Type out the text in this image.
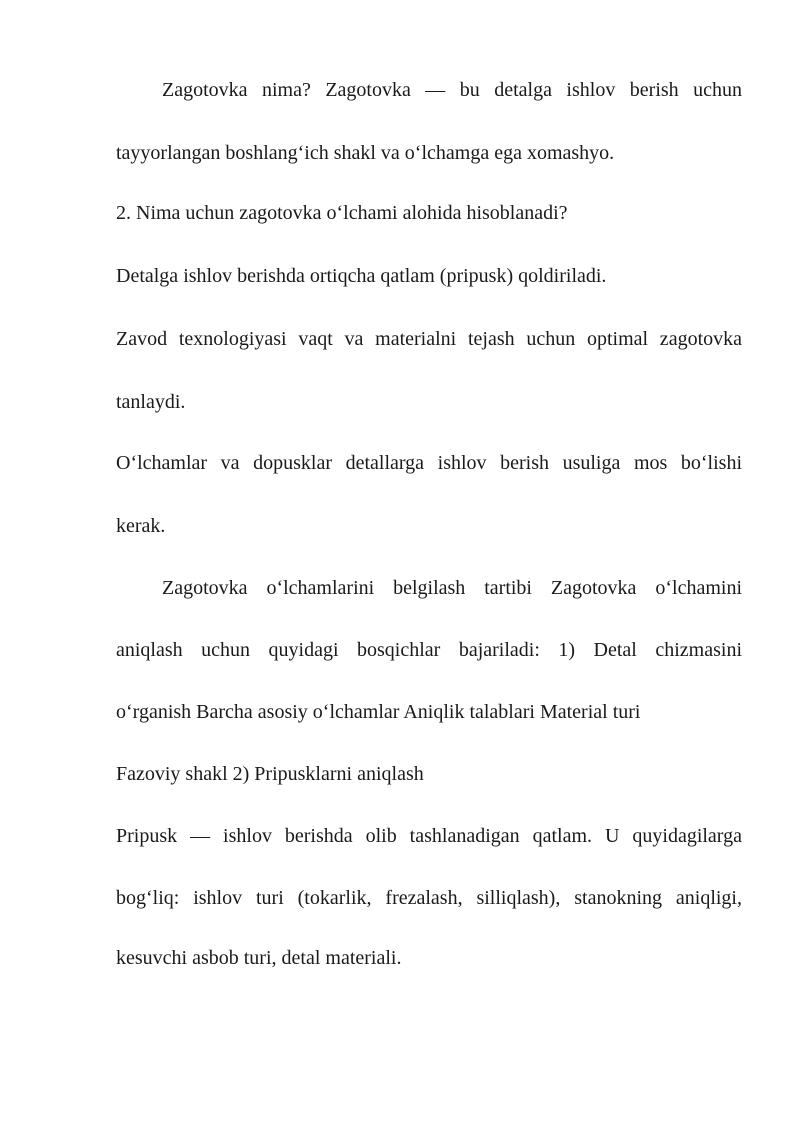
Zagotovka nima? Zagotovka — bu detalga ishlov berish uchun
tayyorlangan boshlang‘ich shakl va o‘lchamga ega xomashyo.
2. Nima uchun zagotovka o‘lchami alohida hisoblanadi?
Detalga ishlov berishda ortiqcha qatlam (pripusk) qoldiriladi.
Zavod texnologiyasi vaqt va materialni tejash uchun optimal zagotovka
tanlaydi.
O‘lchamlar va dopusklar detallarga ishlov berish usuliga mos bo‘lishi
kerak.
Zagotovka o‘lchamlarini belgilash tartibi Zagotovka o‘lchamini
aniqlash uchun quyidagi bosqichlar bajariladi: 1) Detal chizmasini
o‘rganish Barcha asosiy o‘lchamlar Aniqlik talablari Material turi
Fazoviy shakl 2) Pripusklarni aniqlash
Pripusk — ishlov berishda olib tashlanadigan qatlam. U quyidagilarga
bog‘liq: ishlov turi (tokarlik, frezalash, silliqlash), stanokning aniqligi,
kesuvchi asbob turi, detal materiali.
